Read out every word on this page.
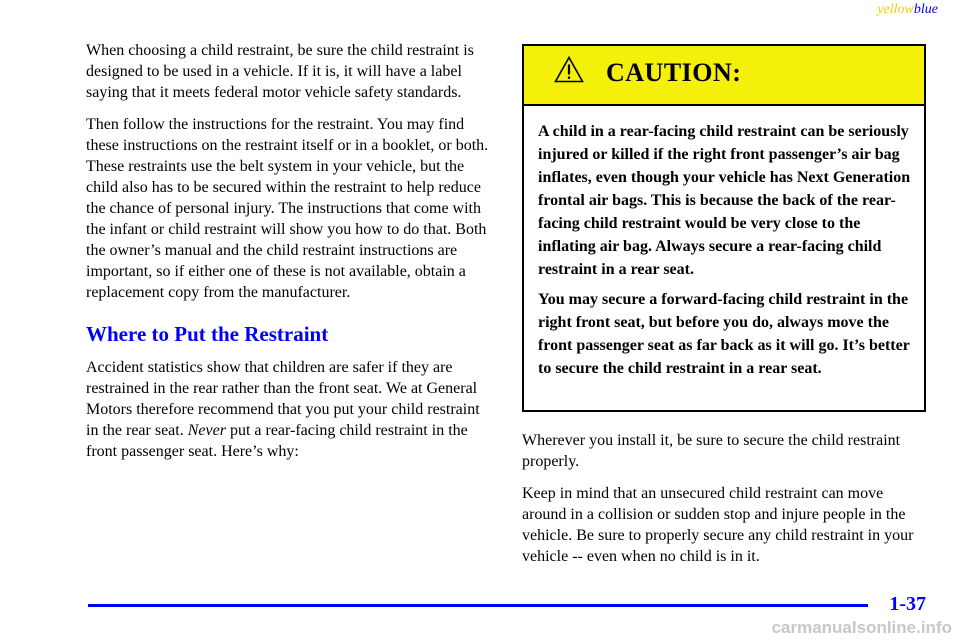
yellowblue

When choosing a child restraint, be sure the child restraint is designed to be used in a vehicle. If it is, it will have a label saying that it meets federal motor vehicle safety standards.

Then follow the instructions for the restraint. You may find these instructions on the restraint itself or in a booklet, or both. These restraints use the belt system in your vehicle, but the child also has to be secured within the restraint to help reduce the chance of personal injury. The instructions that come with the infant or child restraint will show you how to do that. Both the owner’s manual and the child restraint instructions are important, so if either one of these is not available, obtain a replacement copy from the manufacturer.

Where to Put the Restraint

Accident statistics show that children are safer if they are restrained in the rear rather than the front seat. We at General Motors therefore recommend that you put your child restraint in the rear seat. Never put a rear-facing child restraint in the front passenger seat. Here’s why:

CAUTION:

A child in a rear-facing child restraint can be seriously injured or killed if the right front passenger’s air bag inflates, even though your vehicle has Next Generation frontal air bags. This is because the back of the rear-facing child restraint would be very close to the inflating air bag. Always secure a rear-facing child restraint in a rear seat.

You may secure a forward-facing child restraint in the right front seat, but before you do, always move the front passenger seat as far back as it will go. It’s better to secure the child restraint in a rear seat.

Wherever you install it, be sure to secure the child restraint properly.

Keep in mind that an unsecured child restraint can move around in a collision or sudden stop and injure people in the vehicle. Be sure to properly secure any child restraint in your vehicle -- even when no child is in it.

1-37
carmanualsonline.info
